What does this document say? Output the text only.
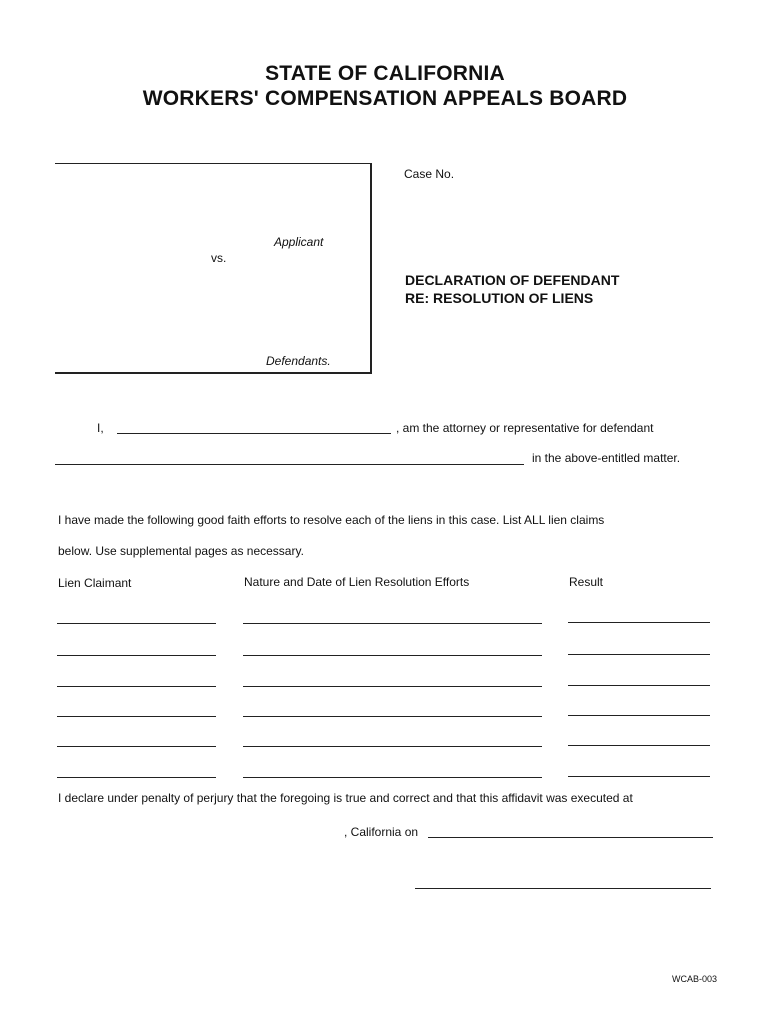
STATE OF CALIFORNIA
WORKERS' COMPENSATION APPEALS BOARD
Applicant
vs.
Defendants.
Case No.
DECLARATION OF DEFENDANT
RE: RESOLUTION OF LIENS
I,	, am the attorney or representative for defendant
in the above-entitled matter.
I have made the following good faith efforts to resolve each of the liens in this case. List ALL lien claims
below. Use supplemental pages as necessary.
Lien Claimant	Nature and Date of Lien Resolution Efforts	Result
I declare under penalty of perjury that the foregoing is true and correct and that this affidavit was executed at
, California on
WCAB-003
